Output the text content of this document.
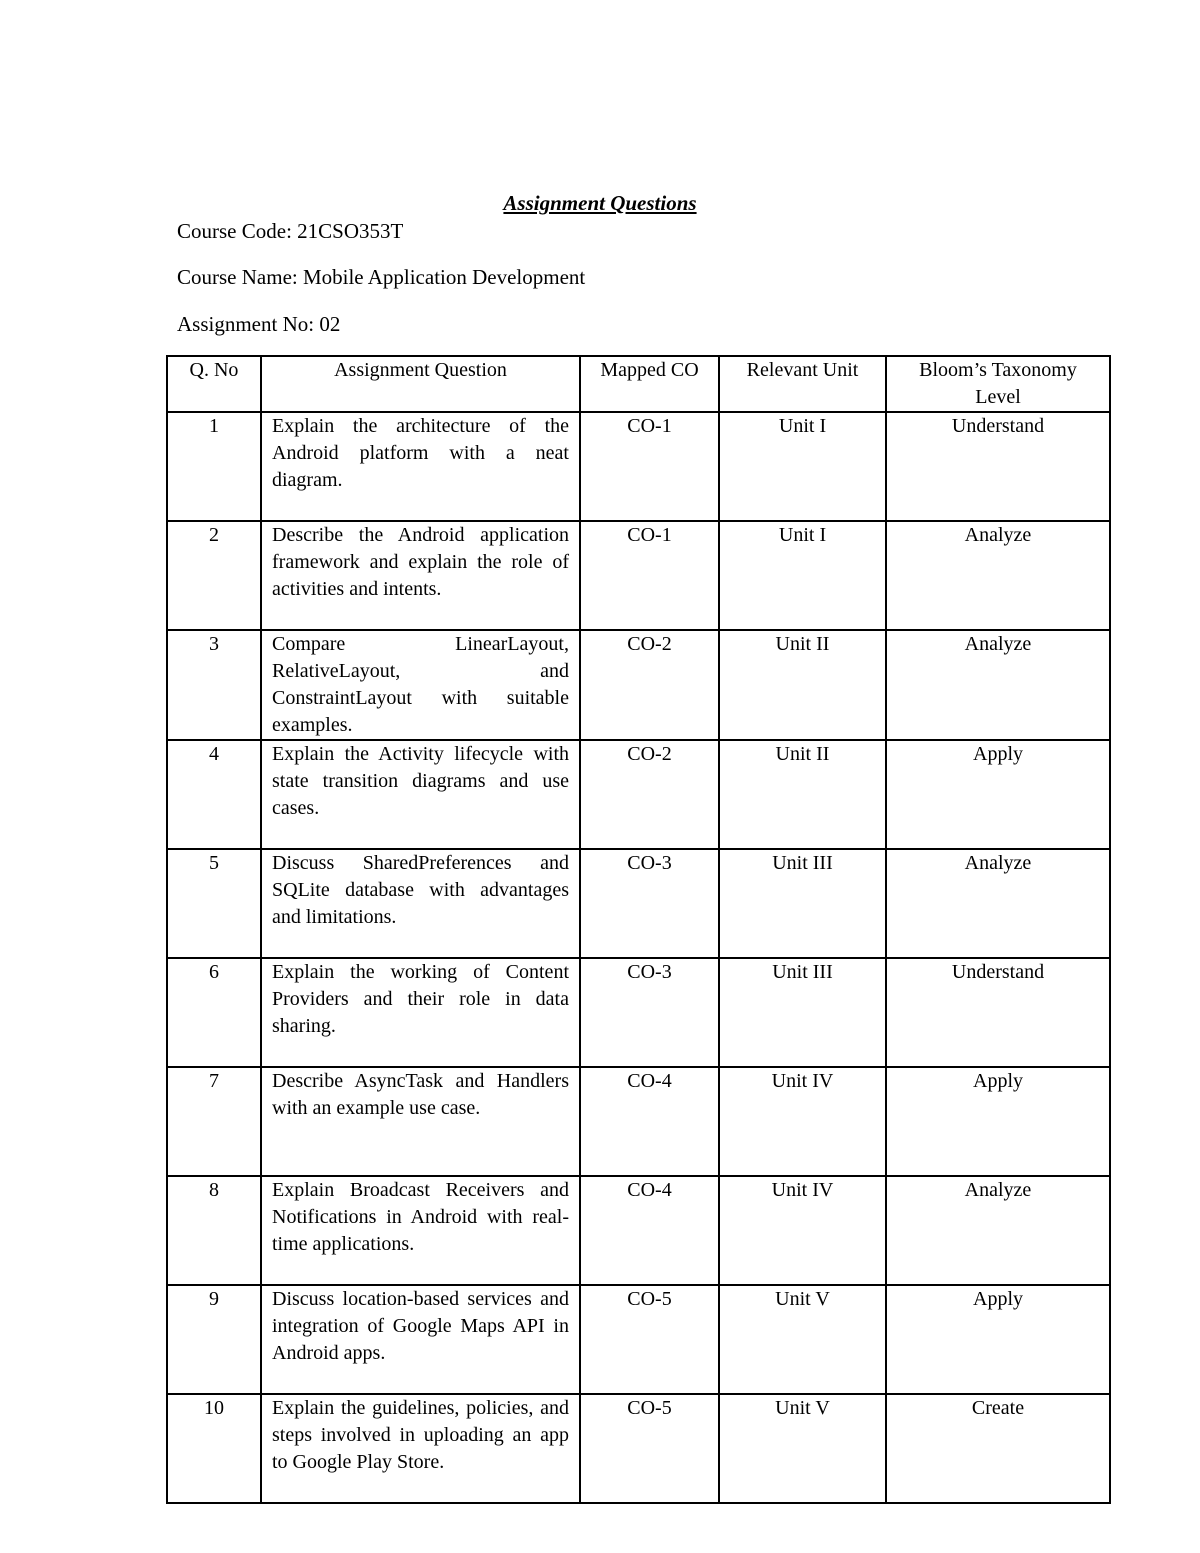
Assignment Questions
Course Code: 21CSO353T
Course Name: Mobile Application Development
Assignment No: 02
Q. No	Assignment Question	Mapped CO	Relevant Unit	Bloom’s Taxonomy Level
1	Explain the architecture of the Android platform with a neat diagram.	CO-1	Unit I	Understand
2	Describe the Android application framework and explain the role of activities and intents.	CO-1	Unit I	Analyze
3	Compare LinearLayout, RelativeLayout, and ConstraintLayout with suitable examples.	CO-2	Unit II	Analyze
4	Explain the Activity lifecycle with state transition diagrams and use cases.	CO-2	Unit II	Apply
5	Discuss SharedPreferences and SQLite database with advantages and limitations.	CO-3	Unit III	Analyze
6	Explain the working of Content Providers and their role in data sharing.	CO-3	Unit III	Understand
7	Describe AsyncTask and Handlers with an example use case.	CO-4	Unit IV	Apply
8	Explain Broadcast Receivers and Notifications in Android with real-time applications.	CO-4	Unit IV	Analyze
9	Discuss location-based services and integration of Google Maps API in Android apps.	CO-5	Unit V	Apply
10	Explain the guidelines, policies, and steps involved in uploading an app to Google Play Store.	CO-5	Unit V	Create
